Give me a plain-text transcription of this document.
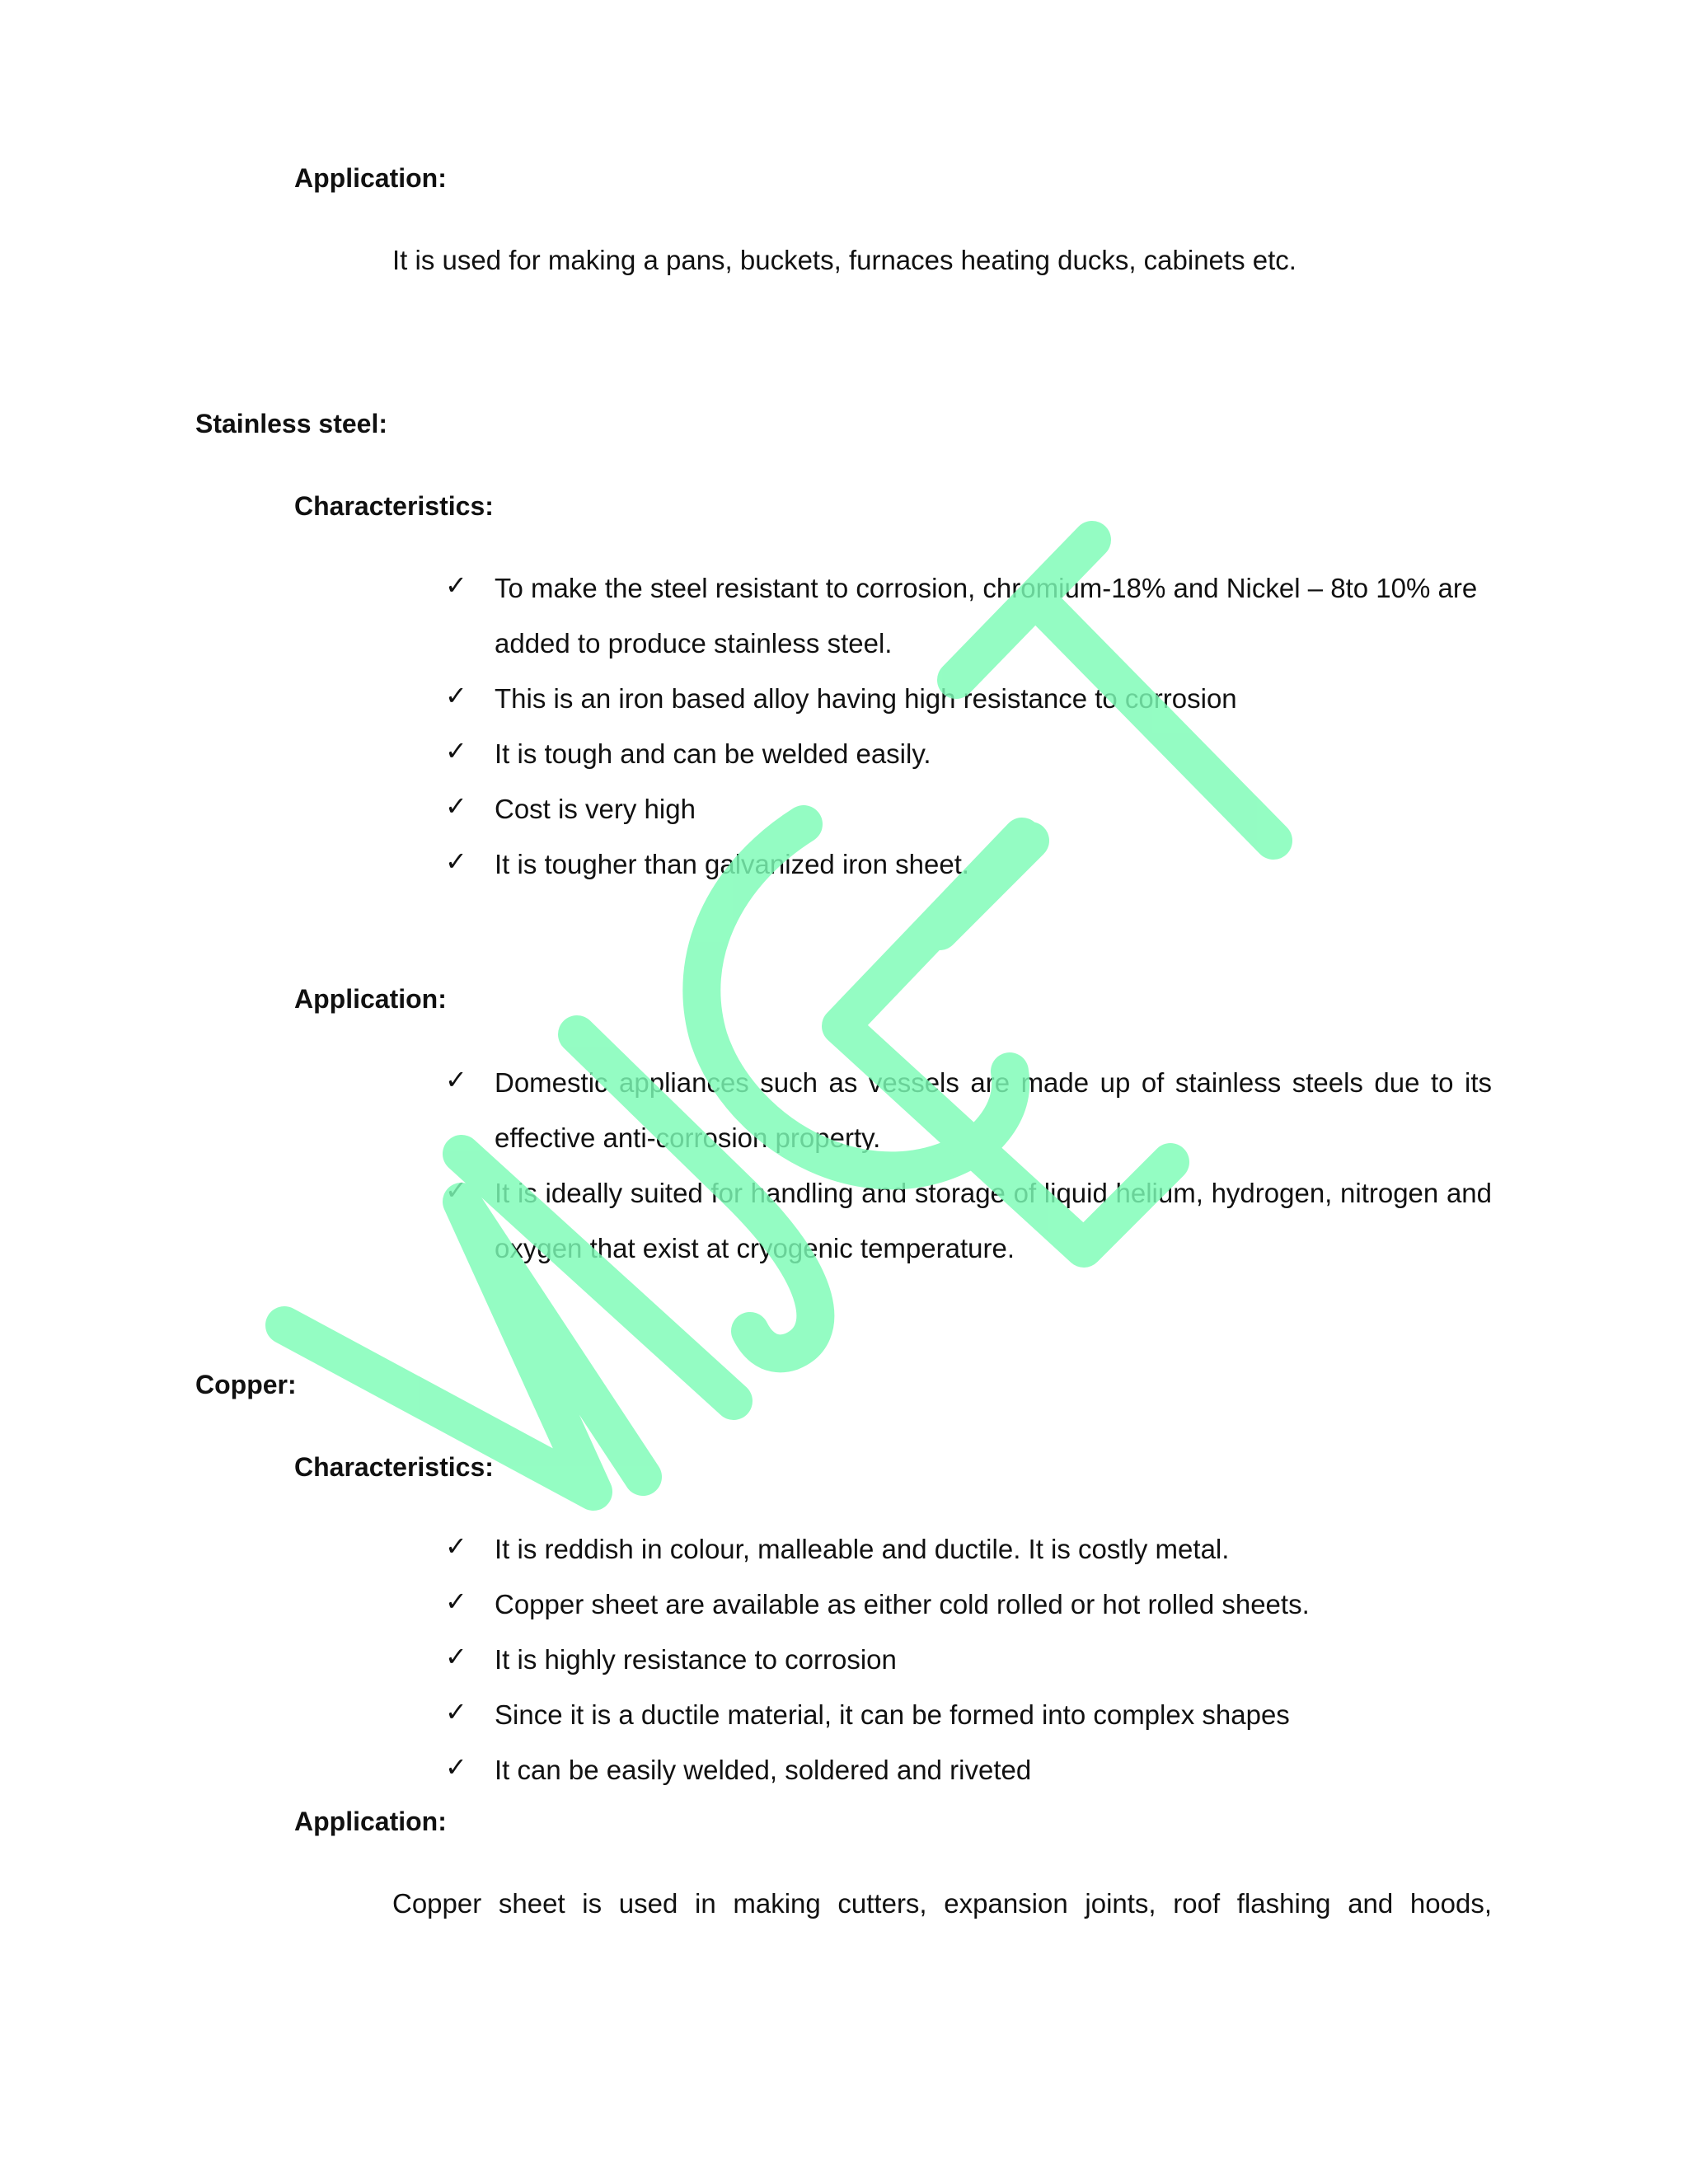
Application:
It is used for making a pans, buckets, furnaces heating ducks, cabinets etc.
Stainless steel:
Characteristics:
✓ To make the steel resistant to corrosion, chromium-18% and Nickel – 8to 10% are added to produce stainless steel.
✓ This is an iron based alloy having high resistance to corrosion
✓ It is tough and can be welded easily.
✓ Cost is very high
✓ It is tougher than galvanized iron sheet.
Application:
✓ Domestic appliances such as vessels are made up of stainless steels due to its effective anti-corrosion property.
✓ It is ideally suited for handling and storage of liquid helium, hydrogen, nitrogen and oxygen that exist at cryogenic temperature.
Copper:
Characteristics:
✓ It is reddish in colour, malleable and ductile. It is costly metal.
✓ Copper sheet are available as either cold rolled or hot rolled sheets.
✓ It is highly resistance to corrosion
✓ Since it is a ductile material, it can be formed into complex shapes
✓ It can be easily welded, soldered and riveted
Application:
Copper sheet is used in making cutters, expansion joints, roof flashing and hoods,
